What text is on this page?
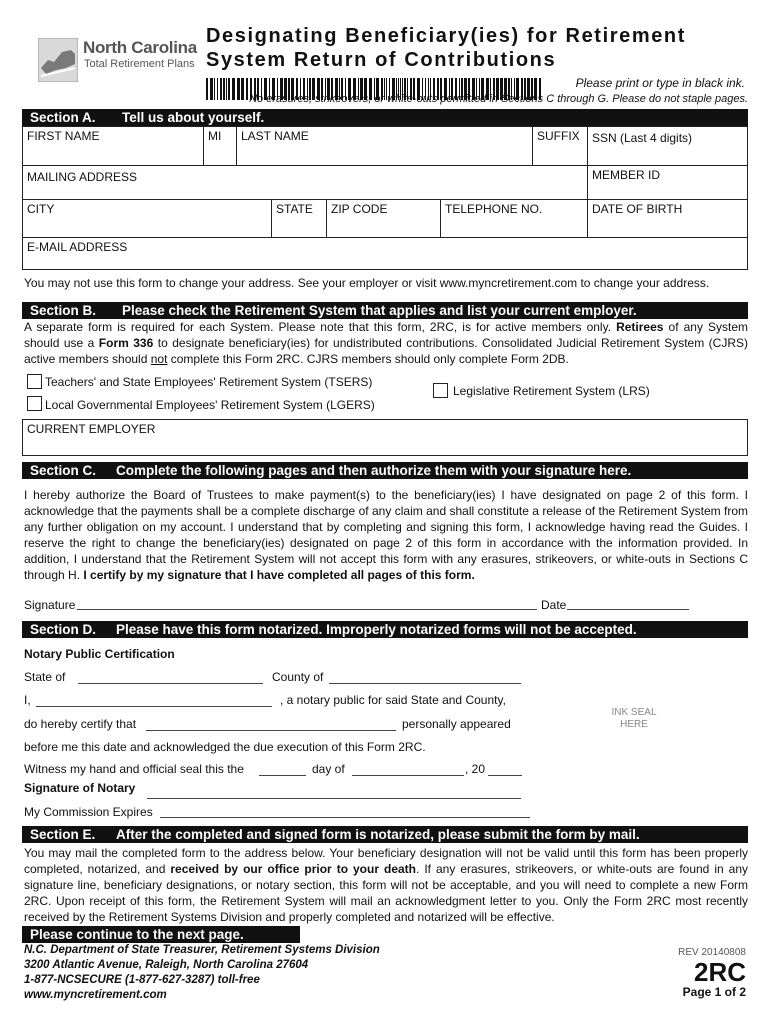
North Carolina
Total Retirement Plans
Designating Beneficiary(ies) for Retirement
System Return of Contributions
Please print or type in black ink.
No erasures, strikeovers, or white-outs permitted in Sections C through G. Please do not staple pages.
Section A. Tell us about yourself.
FIRST NAME	MI	LAST NAME	SUFFIX	SSN (Last 4 digits)
MAILING ADDRESS	MEMBER ID
CITY	STATE	ZIP CODE	TELEPHONE NO.	DATE OF BIRTH
E-MAIL ADDRESS
You may not use this form to change your address. See your employer or visit www.myncretirement.com to change your address.
Section B. Please check the Retirement System that applies and list your current employer.
A separate form is required for each System. Please note that this form, 2RC, is for active members only. Retirees of any System should use a Form 336 to designate beneficiary(ies) for undistributed contributions. Consolidated Judicial Retirement System (CJRS) active members should not complete this Form 2RC. CJRS members should only complete Form 2DB.
Teachers' and State Employees' Retirement System (TSERS)
Local Governmental Employees' Retirement System (LGERS)
Legislative Retirement System (LRS)
CURRENT EMPLOYER
Section C. Complete the following pages and then authorize them with your signature here.
I hereby authorize the Board of Trustees to make payment(s) to the beneficiary(ies) I have designated on page 2 of this form. I acknowledge that the payments shall be a complete discharge of any claim and shall constitute a release of the Retirement System from any further obligation on my account. I understand that by completing and signing this form, I acknowledge having read the Guides. I reserve the right to change the beneficiary(ies) designated on page 2 of this form in accordance with the information provided. In addition, I understand that the Retirement System will not accept this form with any erasures, strikeovers, or white-outs in Sections C through H. I certify by my signature that I have completed all pages of this form.
Signature	Date
Section D. Please have this form notarized. Improperly notarized forms will not be accepted.
Notary Public Certification
State of	County of
I,	, a notary public for said State and County,
do hereby certify that	personally appeared
before me this date and acknowledged the due execution of this Form 2RC.
Witness my hand and official seal this the	day of	, 20
Signature of Notary
My Commission Expires
INK SEAL
HERE
Section E. After the completed and signed form is notarized, please submit the form by mail.
You may mail the completed form to the address below. Your beneficiary designation will not be valid until this form has been properly completed, notarized, and received by our office prior to your death. If any erasures, strikeovers, or white-outs are found in any signature line, beneficiary designations, or notary section, this form will not be acceptable, and you will need to complete a new Form 2RC. Upon receipt of this form, the Retirement System will mail an acknowledgment letter to you. Only the Form 2RC most recently received by the Retirement Systems Division and properly completed and notarized will be effective.
Please continue to the next page.
N.C. Department of State Treasurer, Retirement Systems Division
3200 Atlantic Avenue, Raleigh, North Carolina 27604
1-877-NCSECURE (1-877-627-3287) toll-free
www.myncretirement.com
REV 20140808
2RC
Page 1 of 2
